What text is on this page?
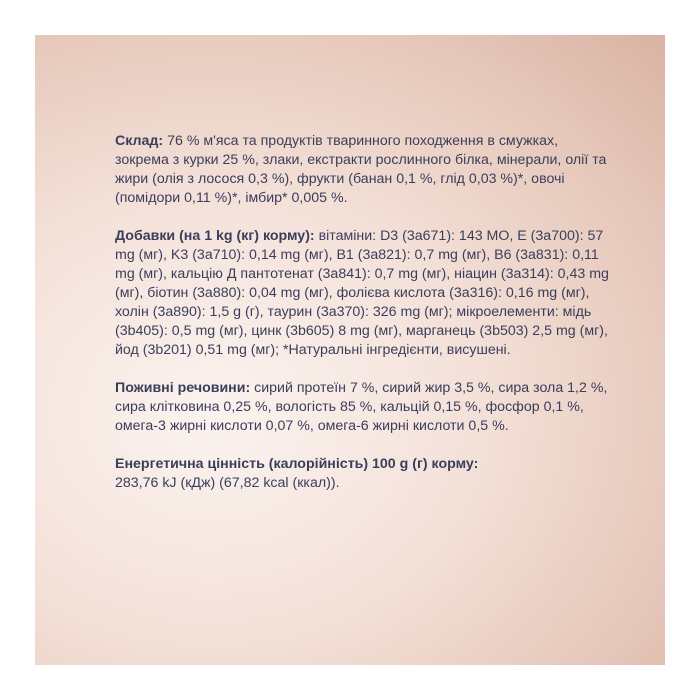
Склад: 76 % м'яса та продуктів тваринного походження в смужках, зокрема з курки 25 %, злаки, екстракти рослинного білка, мінерали, олії та жири (олія з лосося 0,3 %), фрукти (банан 0,1 %, глід 0,03 %)*, овочі (помідори 0,11 %)*, імбир* 0,005 %.

Добавки (на 1 kg (кг) корму): вітаміни: D3 (3a671): 143 МО, E (3a700): 57 mg (мг), K3 (3a710): 0,14 mg (мг), B1 (3a821): 0,7 mg (мг), B6 (3a831): 0,11 mg (мг), кальцію Д пантотенат (3a841): 0,7 mg (мг), ніацин (3a314): 0,43 mg (мг), біотин (3a880): 0,04 mg (мг), фолієва кислота (3a316): 0,16 mg (мг), холін (3a890): 1,5 g (г), таурин (3a370): 326 mg (мг); мікроелементи: мідь (3b405): 0,5 mg (мг), цинк (3b605) 8 mg (мг), марганець (3b503) 2,5 mg (мг), йод (3b201) 0,51 mg (мг); *Натуральні інгредієнти, висушені.

Поживні речовини: сирий протеїн 7 %, сирий жир 3,5 %, сира зола 1,2 %, сира клітковина 0,25 %, вологість 85 %, кальцій 0,15 %, фосфор 0,1 %, омега-3 жирні кислоти 0,07 %, омега-6 жирні кислоти 0,5 %.

Енергетична цінність (калорійність) 100 g (г) корму:
283,76 kJ (кДж) (67,82 kcal (ккал)).
